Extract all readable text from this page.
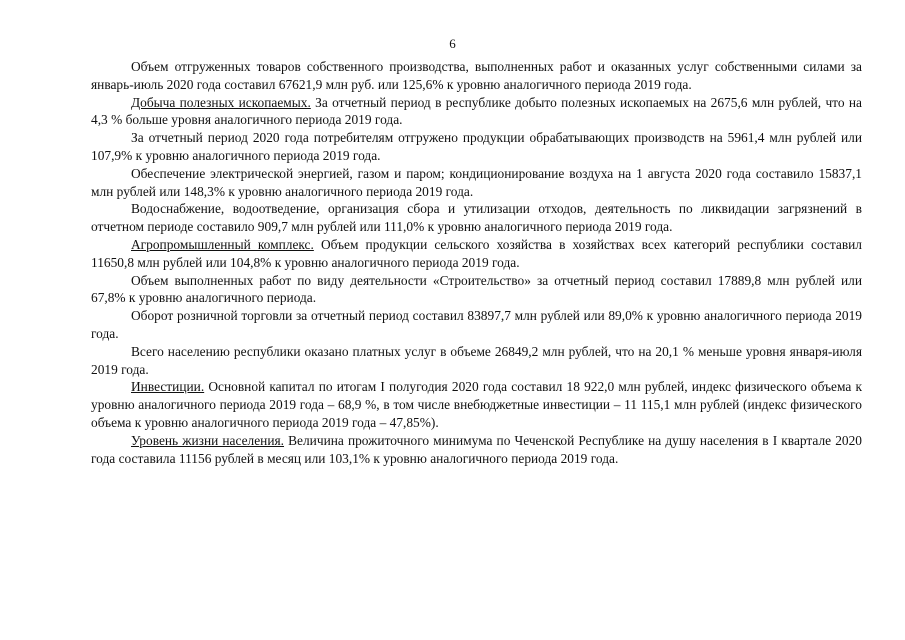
6

Объем отгруженных товаров собственного производства, выполненных работ и оказанных услуг собственными силами за январь-июль 2020 года составил 67621,9 млн руб. или 125,6% к уровню аналогичного периода 2019 года.

Добыча полезных ископаемых. За отчетный период в республике добыто полезных ископаемых на 2675,6 млн рублей, что на 4,3 % больше уровня аналогичного периода 2019 года.

За отчетный период 2020 года потребителям отгружено продукции обрабатывающих производств на 5961,4 млн рублей или 107,9% к уровню аналогичного периода 2019 года.

Обеспечение электрической энергией, газом и паром; кондиционирование воздуха на 1 августа 2020 года составило 15837,1 млн рублей или 148,3% к уровню аналогичного периода 2019 года.

Водоснабжение, водоотведение, организация сбора и утилизации отходов, деятельность по ликвидации загрязнений в отчетном периоде составило 909,7 млн рублей или 111,0% к уровню аналогичного периода 2019 года.

Агропромышленный комплекс. Объем продукции сельского хозяйства в хозяйствах всех категорий республики составил 11650,8 млн рублей или 104,8% к уровню аналогичного периода 2019 года.

Объем выполненных работ по виду деятельности «Строительство» за отчетный период составил 17889,8 млн рублей или 67,8% к уровню аналогичного периода.

Оборот розничной торговли за отчетный период составил 83897,7 млн рублей или 89,0% к уровню аналогичного периода 2019 года.

Всего населению республики оказано платных услуг в объеме 26849,2 млн рублей, что на 20,1 % меньше уровня января-июля 2019 года.

Инвестиции. Основной капитал по итогам I полугодия 2020 года составил 18 922,0 млн рублей, индекс физического объема к уровню аналогичного периода 2019 года – 68,9 %, в том числе внебюджетные инвестиции – 11 115,1 млн рублей (индекс физического объема к уровню аналогичного периода 2019 года – 47,85%).

Уровень жизни населения. Величина прожиточного минимума по Чеченской Республике на душу населения в I квартале 2020 года составила 11156 рублей в месяц или 103,1% к уровню аналогичного периода 2019 года.
